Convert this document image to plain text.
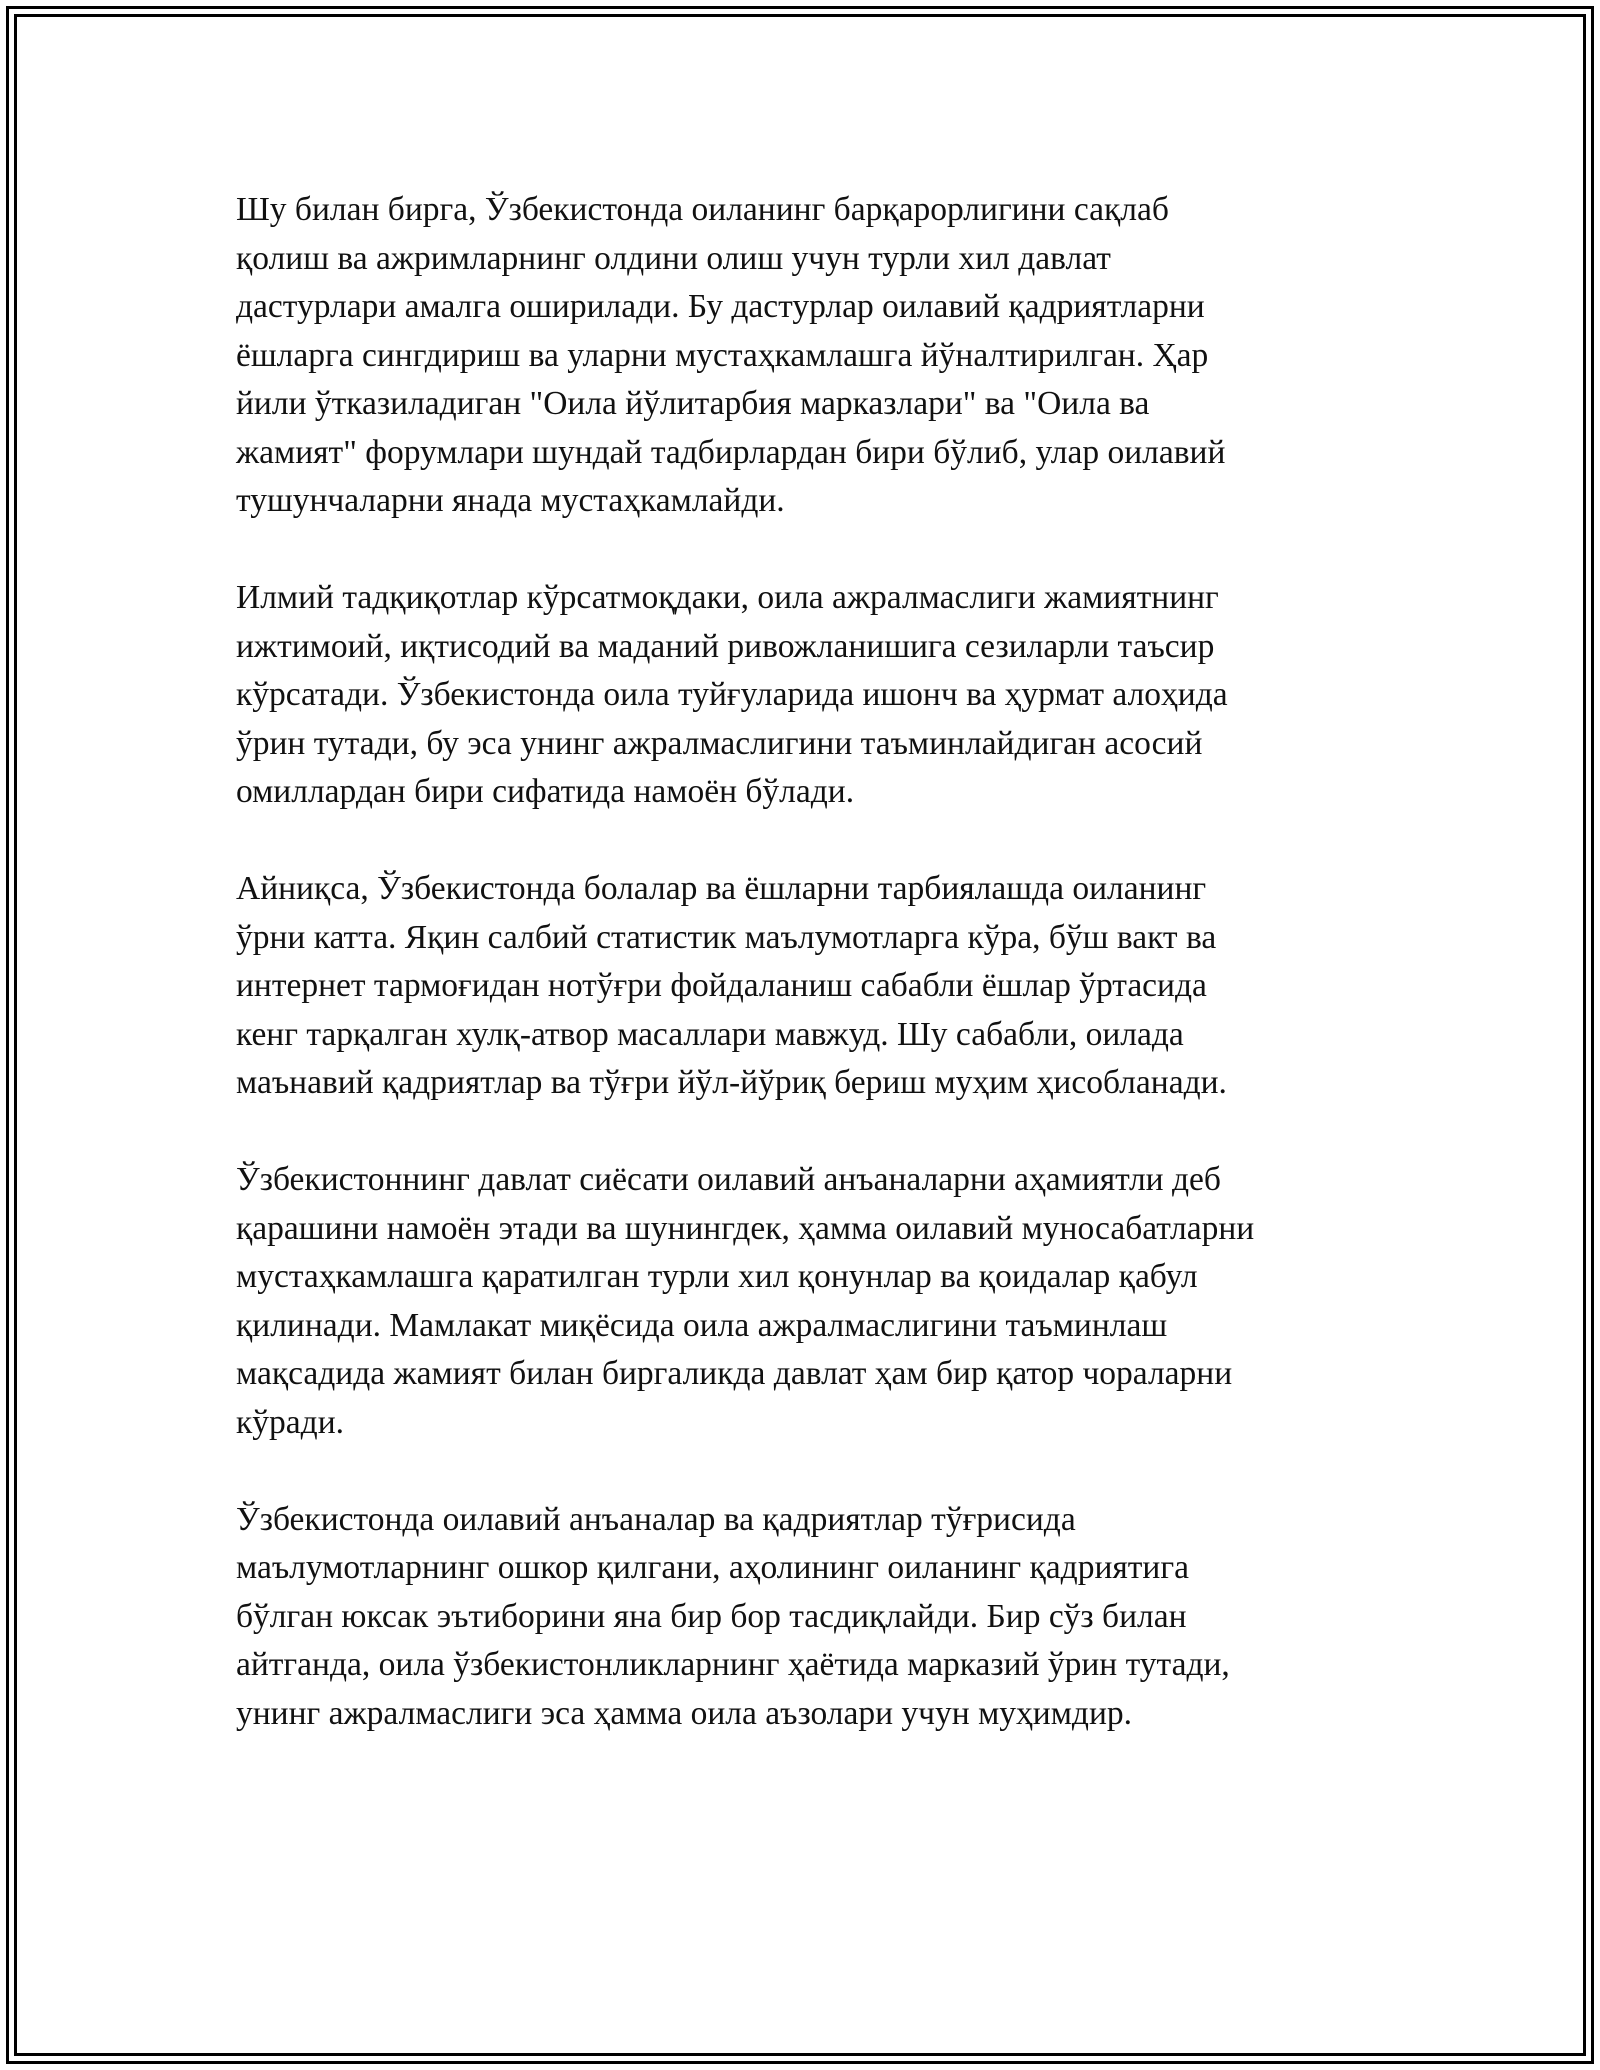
Шу билан бирга, Ўзбекистонда оиланинг барқарорлигини сақлаб
қолиш ва ажримларнинг олдини олиш учун турли хил давлат
дастурлари амалга оширилади. Бу дастурлар оилавий қадриятларни
ёшларга сингдириш ва уларни мустаҳкамлашга йўналтирилган. Ҳар
йили ўтказиладиган "Оила йўлитарбия марказлари" ва "Оила ва
жамият" форумлари шундай тадбирлардан бири бўлиб, улар оилавий
тушунчаларни янада мустаҳкамлайди.

Илмий тадқиқотлар кўрсатмоқдаки, оила ажралмаслиги жамиятнинг
ижтимоий, иқтисодий ва маданий ривожланишига сезиларли таъсир
кўрсатади. Ўзбекистонда оила туйғуларида ишонч ва ҳурмат алоҳида
ўрин тутади, бу эса унинг ажралмаслигини таъминлайдиган асосий
омиллардан бири сифатида намоён бўлади.

Айниқса, Ўзбекистонда болалар ва ёшларни тарбиялашда оиланинг
ўрни катта. Яқин салбий статистик маълумотларга кўра, бўш вакт ва
интернет тармоғидан нотўғри фойдаланиш сабабли ёшлар ўртасида
кенг тарқалган хулқ-атвор масаллари мавжуд. Шу сабабли, оилада
маънавий қадриятлар ва тўғри йўл-йўриқ бериш муҳим ҳисобланади.

Ўзбекистоннинг давлат сиёсати оилавий анъаналарни аҳамиятли деб
қарашини намоён этади ва шунингдек, ҳамма оилавий муносабатларни
мустаҳкамлашга қаратилган турли хил қонунлар ва қоидалар қабул
қилинади. Мамлакат миқёсида оила ажралмаслигини таъминлаш
мақсадида жамият билан биргаликда давлат ҳам бир қатор чораларни
кўради.

Ўзбекистонда оилавий анъаналар ва қадриятлар тўғрисида
маълумотларнинг ошкор қилгани, аҳолининг оиланинг қадриятига
бўлган юксак эътиборини яна бир бор тасдиқлайди. Бир сўз билан
айтганда, оила ўзбекистонликларнинг ҳаётида марказий ўрин тутади,
унинг ажралмаслиги эса ҳамма оила аъзолари учун муҳимдир.
